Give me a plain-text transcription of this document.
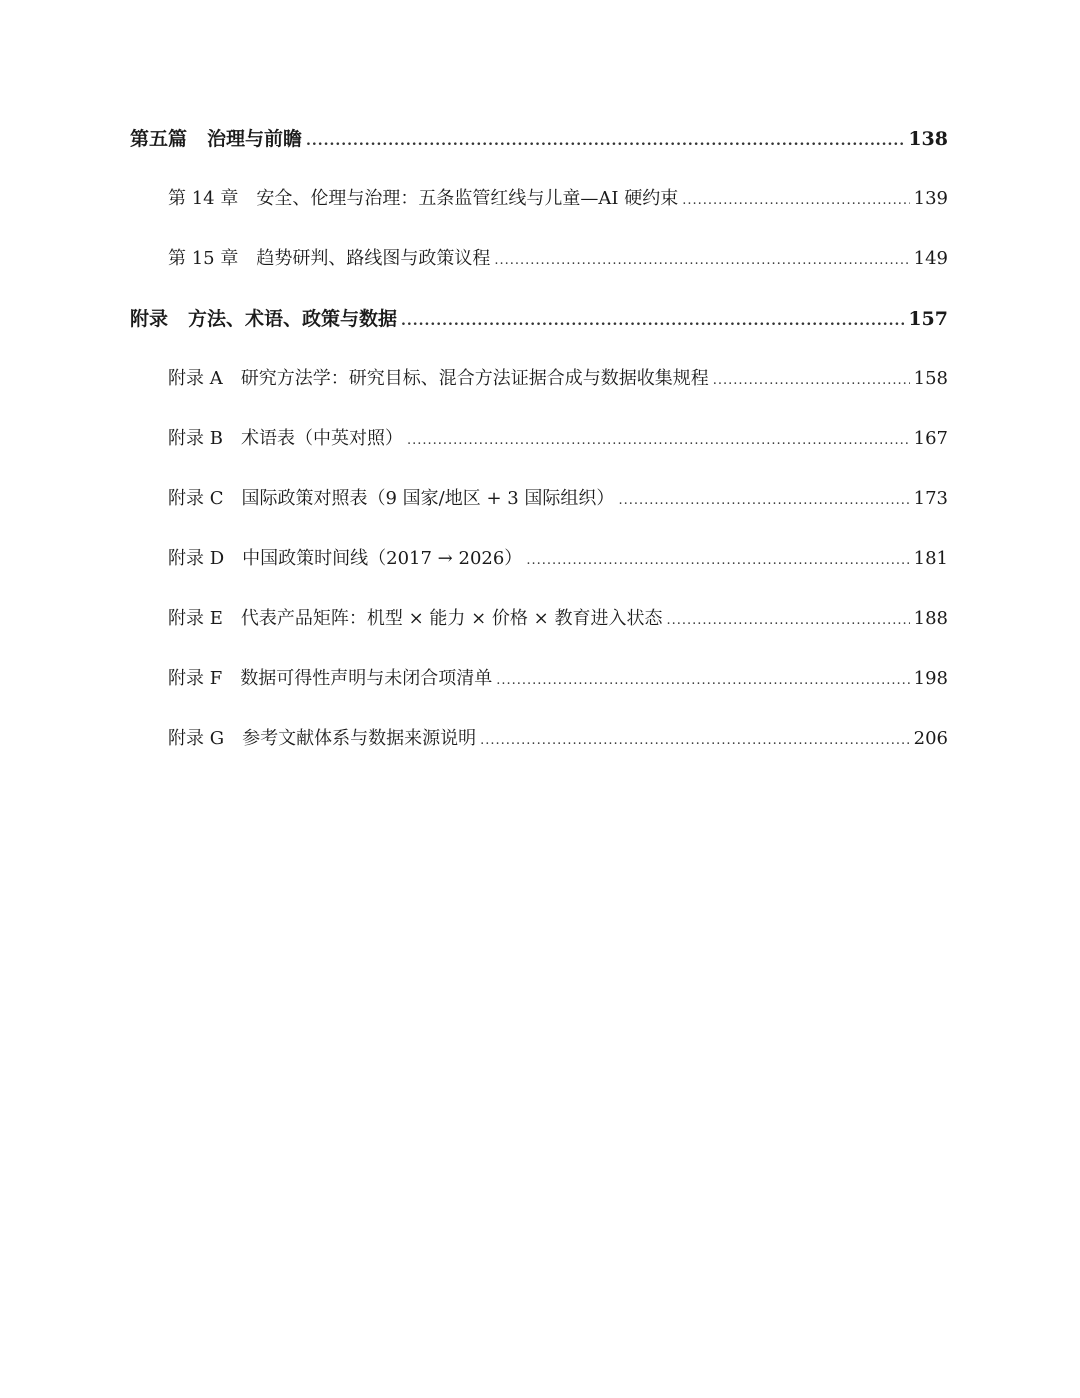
第五篇 治理与前瞻 .....	138
第 14 章 安全、伦理与治理：五条监管红线与儿童—AI 硬约束 .....	139
第 15 章 趋势研判、路线图与政策议程 .....	149
附录 方法、术语、政策与数据 .....	157
附录 A 研究方法学：研究目标、混合方法证据合成与数据收集规程 .....	158
附录 B 术语表（中英对照） .....	167
附录 C 国际政策对照表（9 国家/地区 + 3 国际组织） .....	173
附录 D 中国政策时间线（2017 → 2026） .....	181
附录 E 代表产品矩阵：机型 × 能力 × 价格 × 教育进入状态 .....	188
附录 F 数据可得性声明与未闭合项清单 .....	198
附录 G 参考文献体系与数据来源说明 .....	206
